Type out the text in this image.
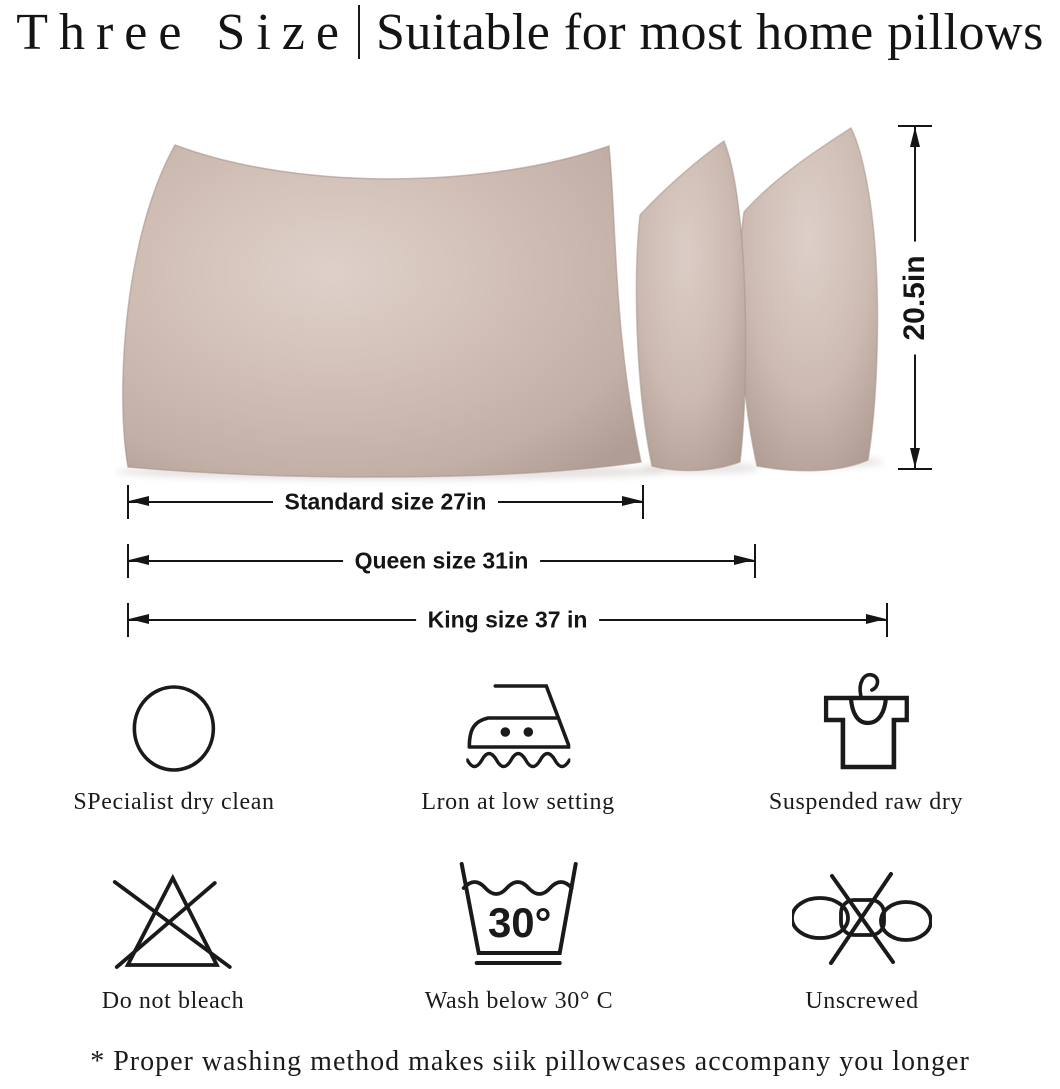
Three Size Suitable for most home pillows
20.5in
Standard size 27in
Queen size 31in
King size 37 in
SPecialist dry clean	Lron at low setting	Suspended raw dry
Do not bleach
30°
Wash below 30° C	Unscrewed
* Proper washing method makes siik pillowcases accompany you longer
